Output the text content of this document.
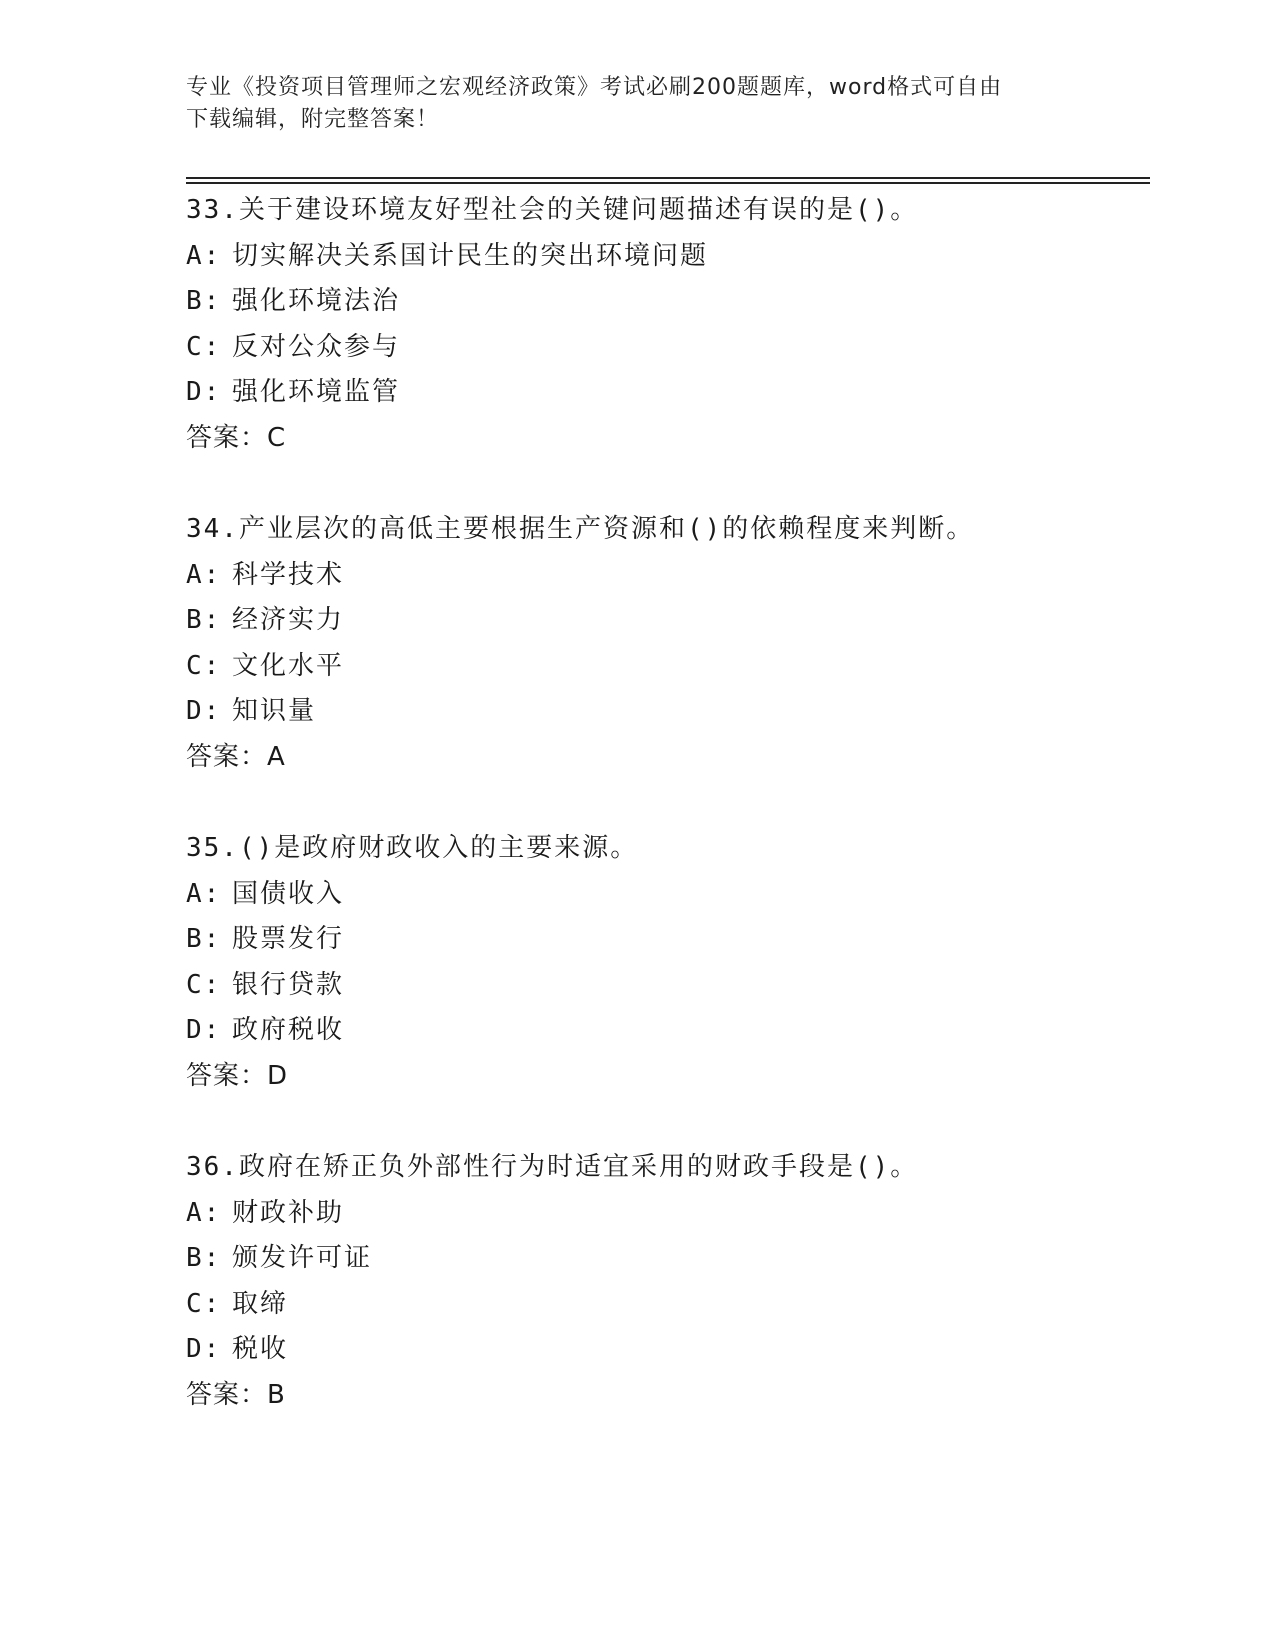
专业《投资项目管理师之宏观经济政策》考试必刷200题题库，word格式可自由
下载编辑，附完整答案！
33.关于建设环境友好型社会的关键问题描述有误的是()。
A: 切实解决关系国计民生的突出环境问题
B: 强化环境法治
C: 反对公众参与
D: 强化环境监管
答案：C
34.产业层次的高低主要根据生产资源和()的依赖程度来判断。
A: 科学技术
B: 经济实力
C: 文化水平
D: 知识量
答案：A
35.()是政府财政收入的主要来源。
A: 国债收入
B: 股票发行
C: 银行贷款
D: 政府税收
答案：D
36.政府在矫正负外部性行为时适宜采用的财政手段是()。
A: 财政补助
B: 颁发许可证
C: 取缔
D: 税收
答案：B
